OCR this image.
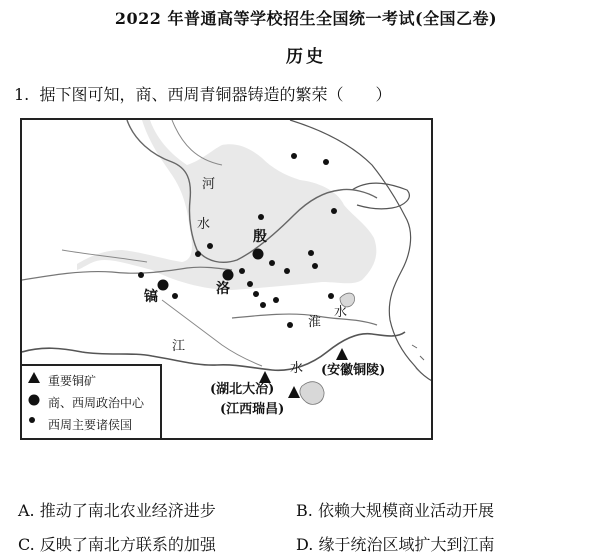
2022 年普通高等学校招生全国统一考试(全国乙卷)
历史
1. 据下图可知，商、西周青铜器铸造的繁荣（　　）
河
水
殷
镐	洛
淮
水
江
水 (安徽铜陵)
(湖北大冶)
(江西瑞昌)
重要铜矿
商、西周政治中心
西周主要诸侯国
A. 推动了南北农业经济进步	B. 依赖大规模商业活动开展
C. 反映了南北方联系的加强	D. 缘于统治区域扩大到江南
